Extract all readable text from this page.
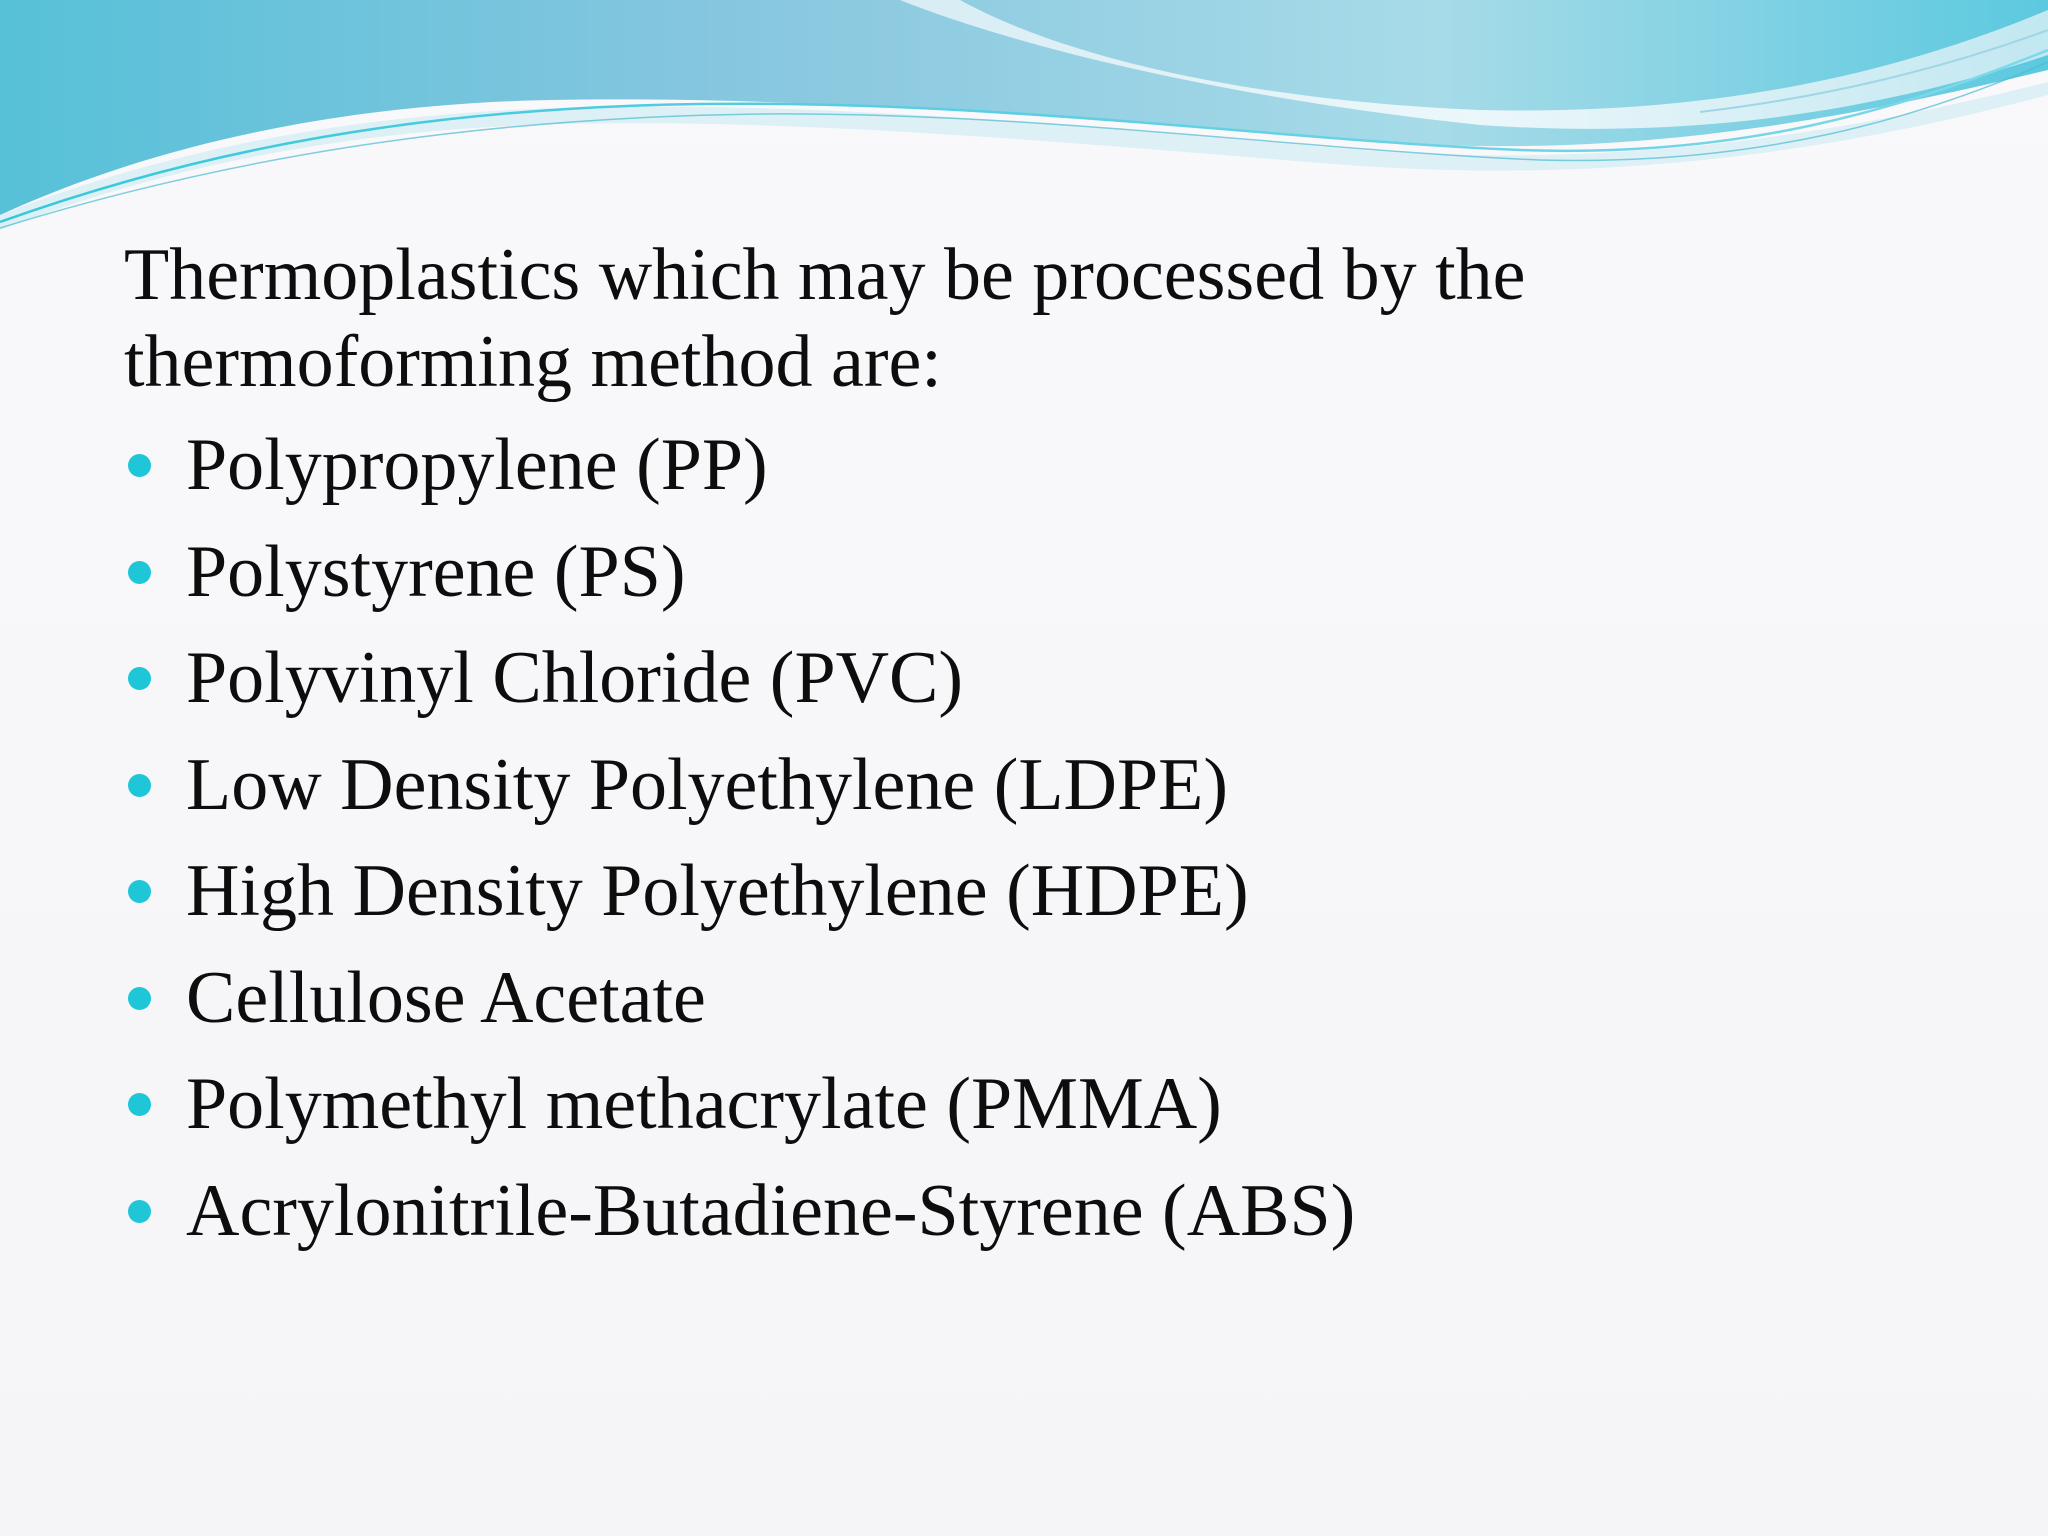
Thermoplastics which may be processed by the
thermoforming method are:

Polypropylene (PP)
Polystyrene (PS)
Polyvinyl Chloride (PVC)
Low Density Polyethylene (LDPE)
High Density Polyethylene (HDPE)
Cellulose Acetate
Polymethyl methacrylate (PMMA)
Acrylonitrile-Butadiene-Styrene (ABS)
